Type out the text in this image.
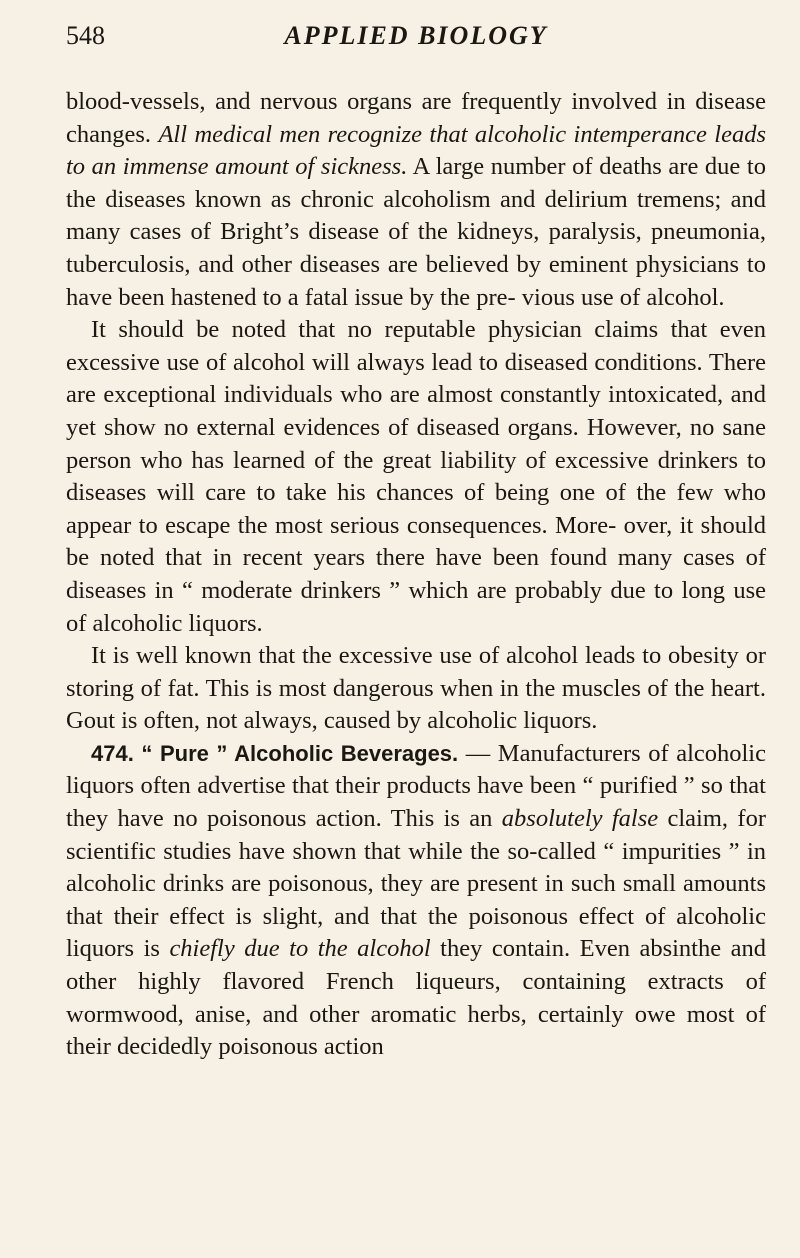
548	APPLIED BIOLOGY

blood-vessels, and nervous organs are frequently involved in disease changes. All medical men recognize that alcoholic intemperance leads to an immense amount of sickness. A large number of deaths are due to the diseases known as chronic alcoholism and delirium tremens; and many cases of Bright’s disease of the kidneys, paralysis, pneumonia, tuberculosis, and other diseases are believed by eminent physicians to have been hastened to a fatal issue by the pre- vious use of alcohol.

It should be noted that no reputable physician claims that even excessive use of alcohol will always lead to diseased conditions. There are exceptional individuals who are almost constantly intoxicated, and yet show no external evidences of diseased organs. However, no sane person who has learned of the great liability of excessive drinkers to diseases will care to take his chances of being one of the few who appear to escape the most serious consequences. More- over, it should be noted that in recent years there have been found many cases of diseases in “ moderate drinkers ” which are probably due to long use of alcoholic liquors.

It is well known that the excessive use of alcohol leads to obesity or storing of fat. This is most dangerous when in the muscles of the heart. Gout is often, not always, caused by alcoholic liquors.

474. “ Pure ” Alcoholic Beverages. — Manufacturers of alcoholic liquors often advertise that their products have been “ purified ” so that they have no poisonous action. This is an absolutely false claim, for scientific studies have shown that while the so-called “ impurities ” in alcoholic drinks are poisonous, they are present in such small amounts that their effect is slight, and that the poisonous effect of alcoholic liquors is chiefly due to the alcohol they contain. Even absinthe and other highly flavored French liqueurs, containing extracts of wormwood, anise, and other aromatic herbs, certainly owe most of their decidedly poisonous action
